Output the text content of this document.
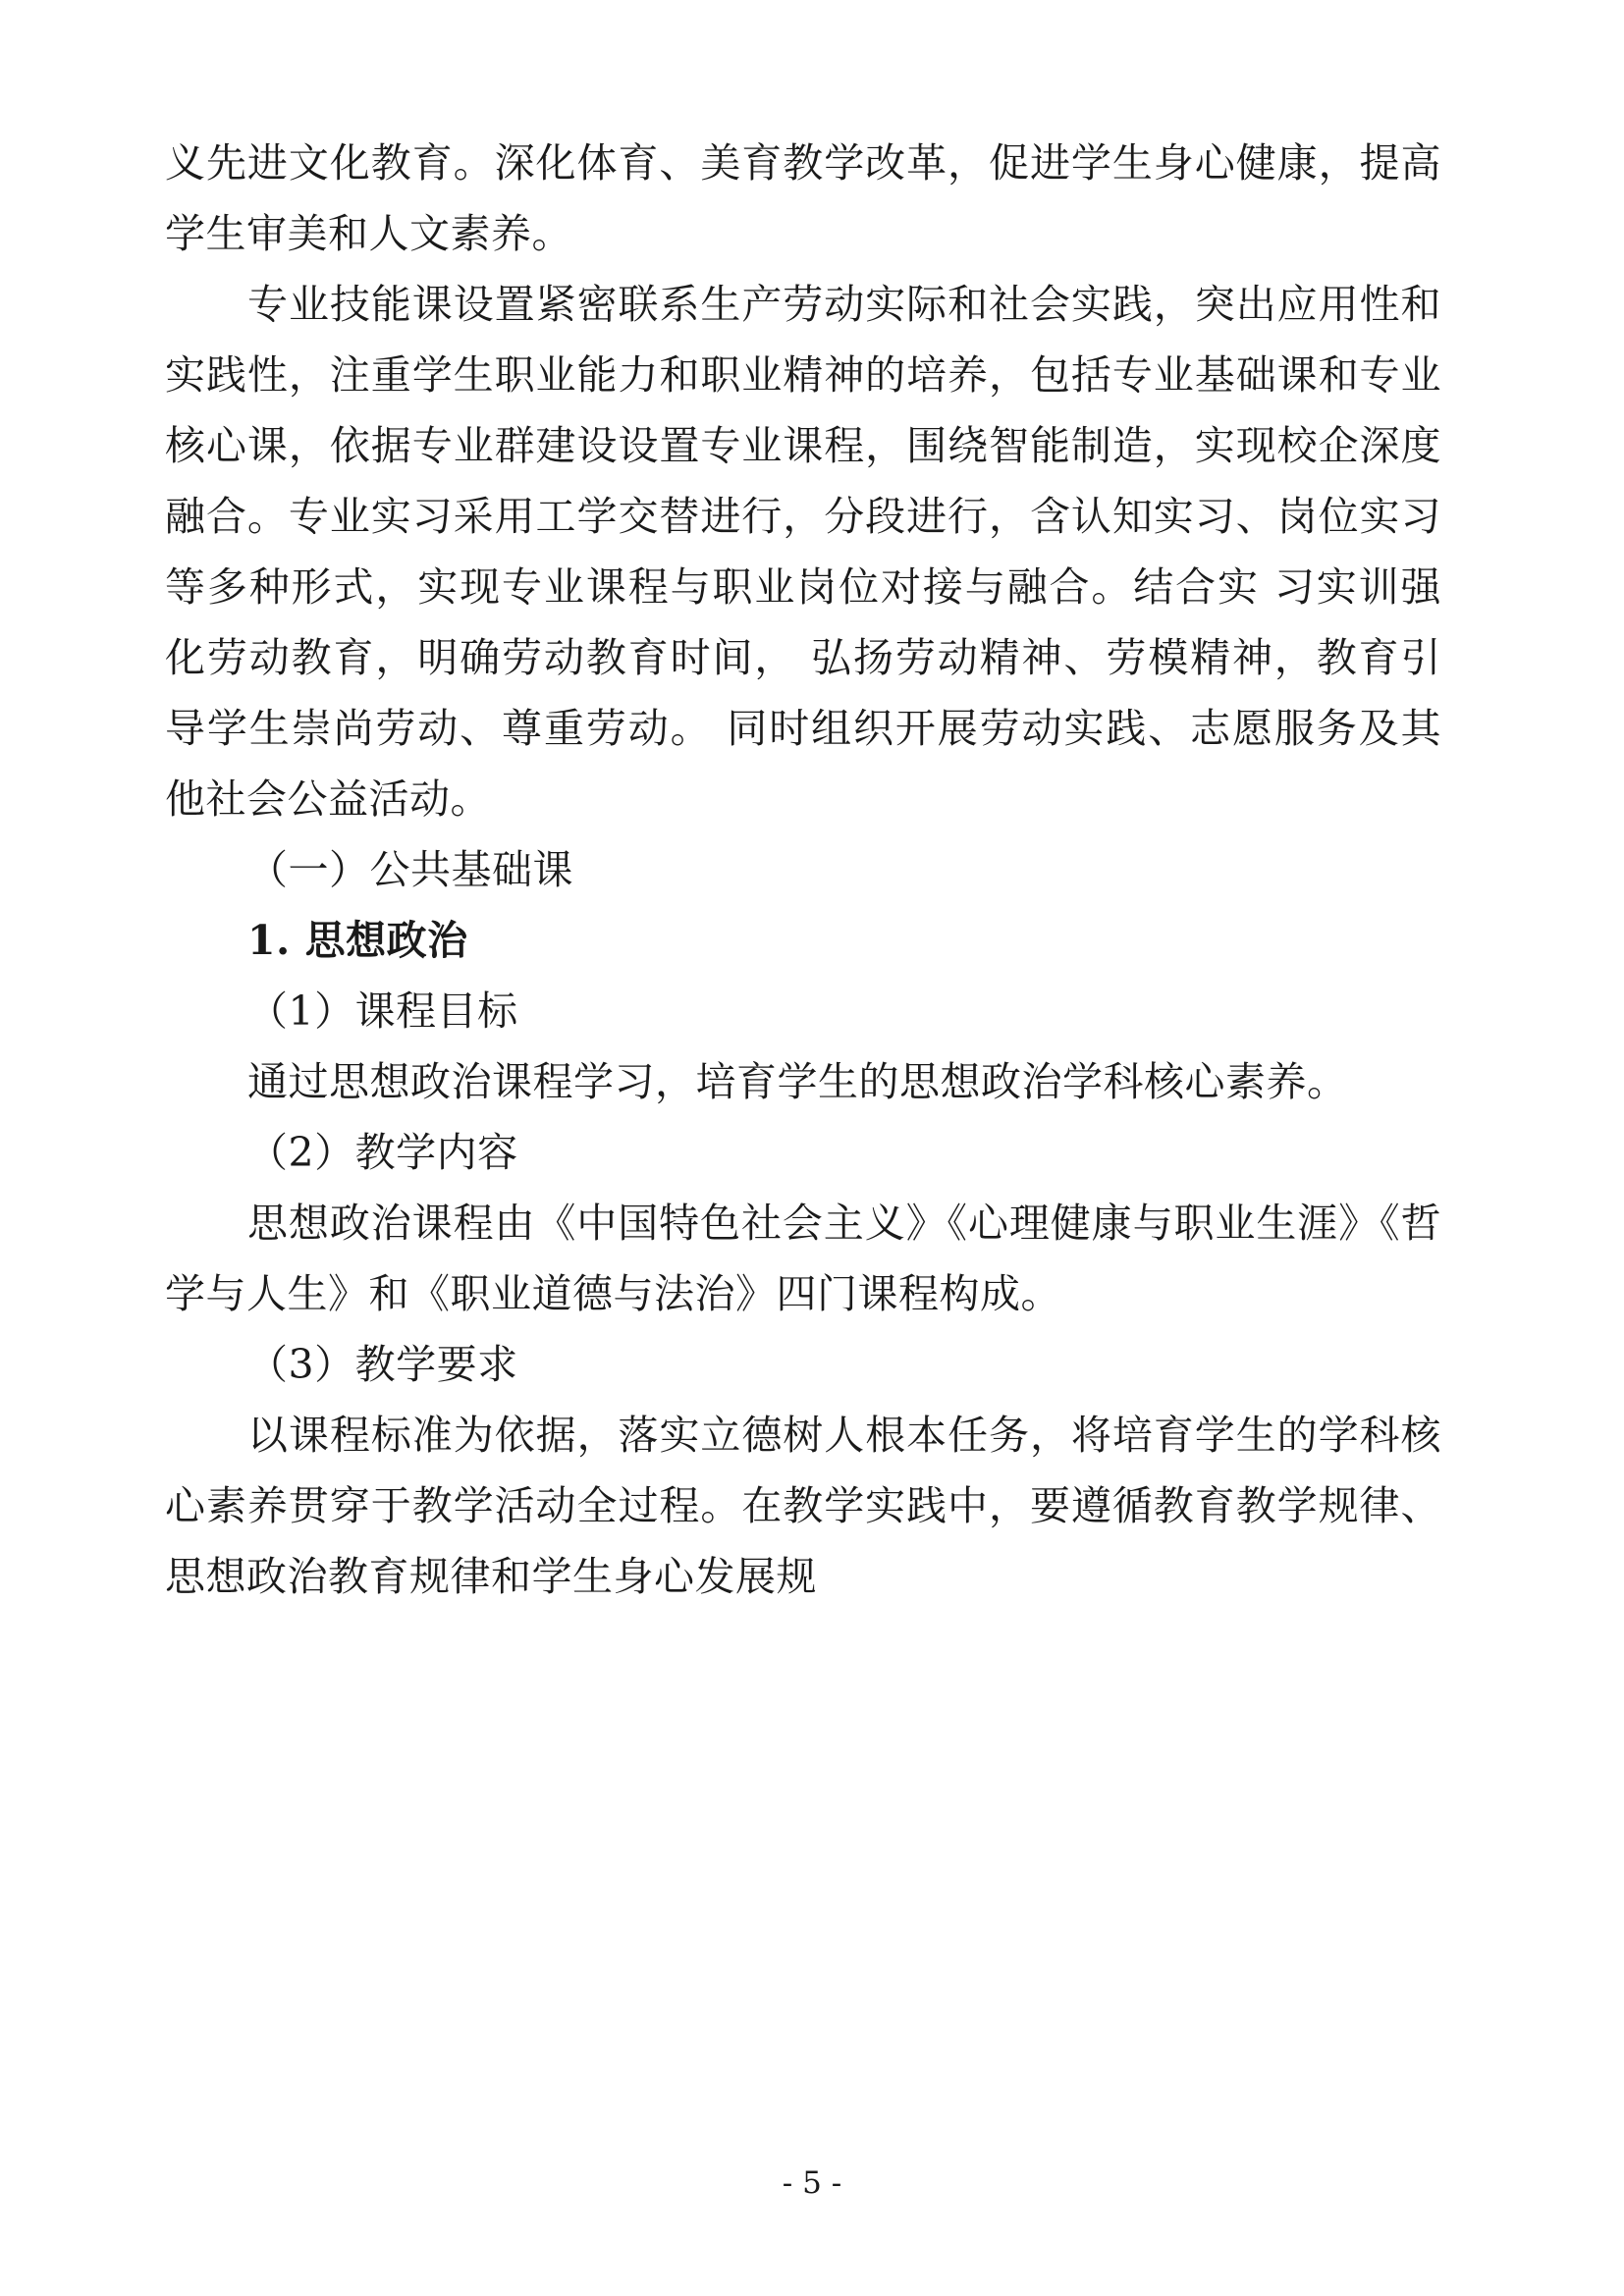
义先进文化教育。深化体育、美育教学改革，促进学生身心健康，提高学生审美和人文素养。

专业技能课设置紧密联系生产劳动实际和社会实践，突出应用性和实践性，注重学生职业能力和职业精神的培养，包括专业基础课和专业核心课，依据专业群建设设置专业课程，围绕智能制造，实现校企深度融合。专业实习采用工学交替进行，分段进行，含认知实习、岗位实习等多种形式，实现专业课程与职业岗位对接与融合。结合实 习实训强化劳动教育，明确劳动教育时间， 弘扬劳动精神、劳模精神，教育引导学生崇尚劳动、尊重劳动。 同时组织开展劳动实践、志愿服务及其他社会公益活动。

（一）公共基础课

1. 思想政治

（1）课程目标

通过思想政治课程学习，培育学生的思想政治学科核心素养。

（2）教学内容

思想政治课程由《中国特色社会主义》《心理健康与职业生涯》《哲学与人生》和《职业道德与法治》四门课程构成。

（3）教学要求

以课程标准为依据，落实立德树人根本任务，将培育学生的学科核心素养贯穿于教学活动全过程。在教学实践中，要遵循教育教学规律、思想政治教育规律和学生身心发展规

- 5 -
